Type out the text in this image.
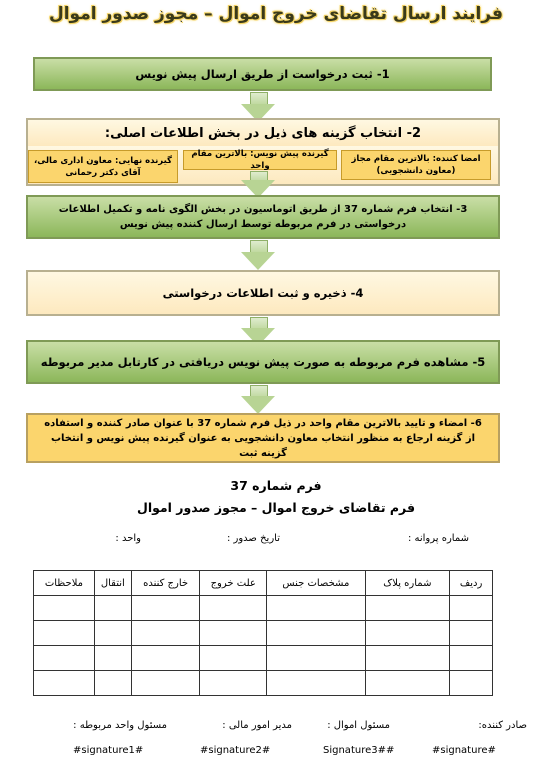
فرایند ارسال تقاضای خروج اموال – مجوز صدور اموال
1- ثبت درخواست از طریق ارسال پیش نویس
2- انتخاب گزینه های ذیل در بخش اطلاعات اصلی:
امضا کننده: بالاترین مقام مجاز (معاون دانشجویی)
گیرنده پیش نویس: بالاترین مقام واحد
گیرنده نهایی: معاون اداری مالی، آقای دکتر رحمانی
3- انتخاب فرم شماره 37 از طریق اتوماسیون در بخش الگوی نامه و تکمیل اطلاعات درخواستی در فرم مربوطه توسط ارسال کننده پیش نویس
4- ذخیره و ثبت اطلاعات درخواستی
5- مشاهده فرم مربوطه به صورت پیش نویس دریافتی در کارتابل مدیر مربوطه
6- امضاء و تایید بالاترین مقام واحد در ذیل فرم شماره 37 با عنوان صادر کننده و استفاده از گزینه ارجاع به منظور انتخاب معاون دانشجویی به عنوان گیرنده پیش نویس و انتخاب گزینه ثبت
فرم شماره 37
فرم تقاضای خروج اموال – مجوز صدور اموال
شماره پروانه :
تاریخ صدور :
واحد :
ردیف	شماره پلاک	مشخصات جنس	علت خروج	خارج کننده	انتقال	ملاحظات

صادر کننده:
#signature#
مسئول اموال :
Signature3##
مدیر امور مالی :
#signature2#
مسئول واحد مربوطه :
#signature1#
